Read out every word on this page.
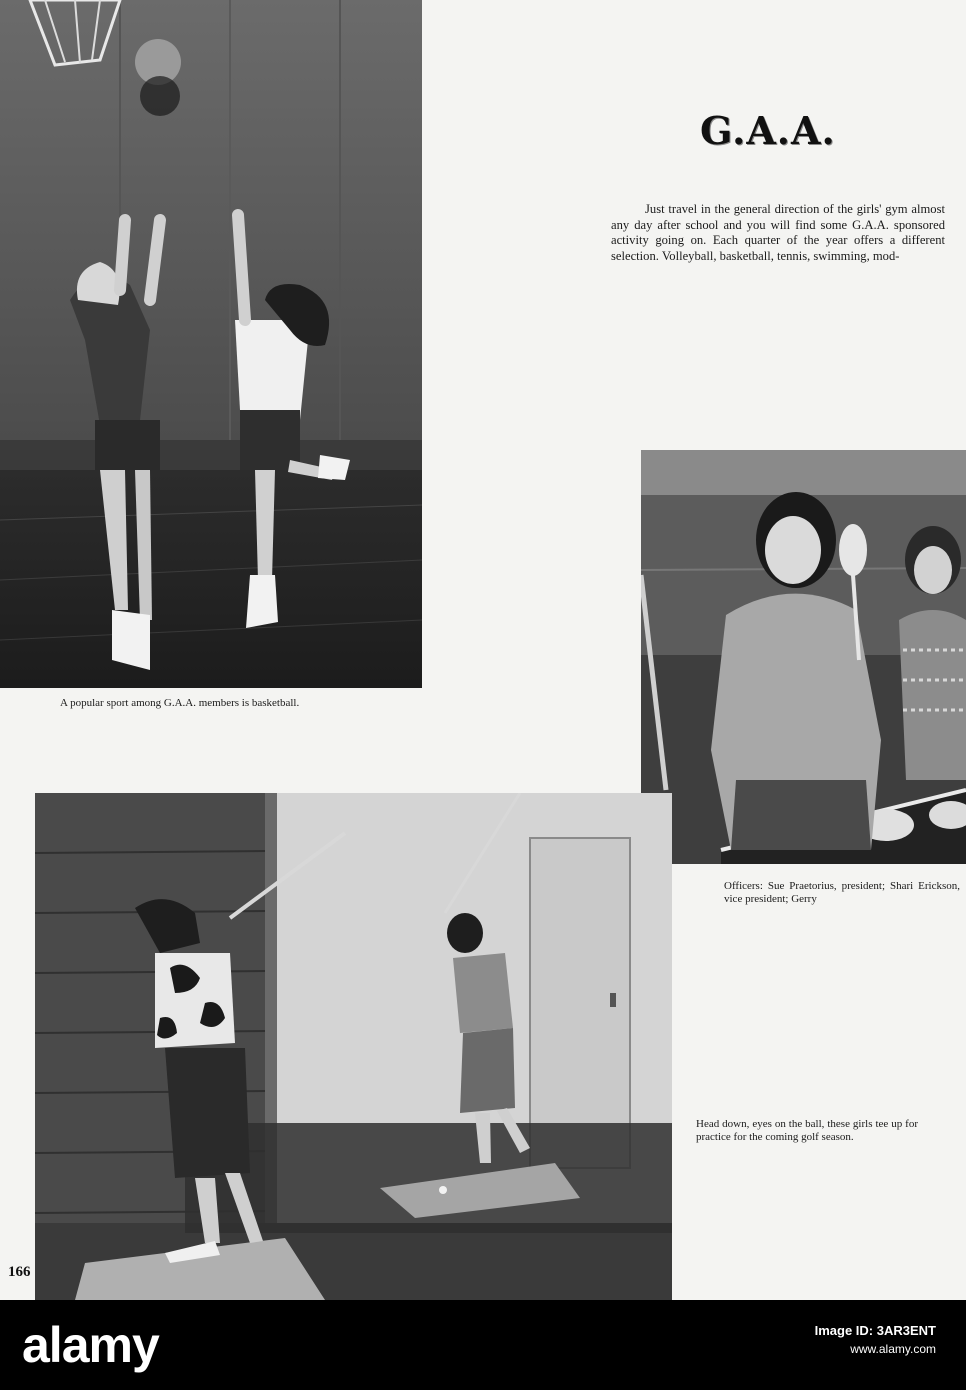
G.A.A.
Just travel in the general direction of the girls' gym almost any day after school and you will find some G.A.A. sponsored activity going on. Each quarter of the year offers a different selection. Volleyball, basketball, tennis, swimming, mod-
A popular sport among G.A.A. members is basketball.
Officers: Sue Praetorius, president; Shari Erickson, vice president; Gerry
Head down, eyes on the ball, these girls tee up for practice for the coming golf season.
166
alamy	Image ID: 3AR3ENT
www.alamy.com
